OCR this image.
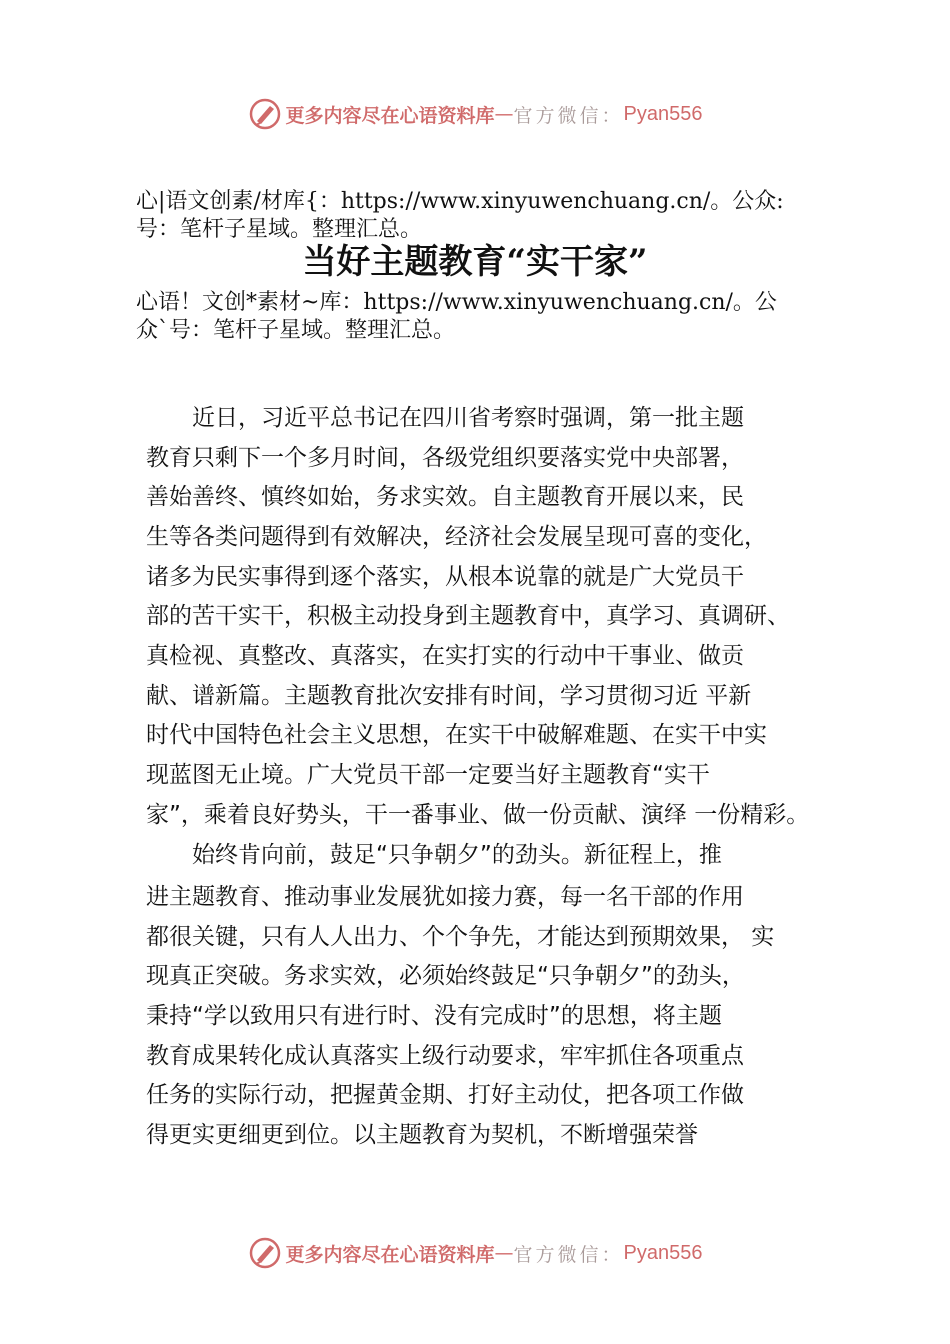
更多内容尽在心语资料库 — 官方微信： Pyan556
心|语文创素/材库{：https://www.xinyuwenchuang.cn/。公众:
号：笔杆子星域。整理汇总。
当好主题教育“实干家”
心语！文创*素材~库：https://www.xinyuwenchuang.cn/。公
众`号：笔杆子星域。整理汇总。
　　近日，习近平总书记在四川省考察时强调，第一批主题
教育只剩下一个多月时间，各级党组织要落实党中央部署，
善始善终、慎终如始，务求实效。自主题教育开展以来，民
生等各类问题得到有效解决，经济社会发展呈现可喜的变化，
诸多为民实事得到逐个落实，从根本说靠的就是广大党员干
部的苦干实干，积极主动投身到主题教育中，真学习、真调研、
真检视、真整改、真落实，在实打实的行动中干事业、做贡
献、谱新篇。主题教育批次安排有时间，学习贯彻习近 平新
时代中国特色社会主义思想，在实干中破解难题、在实干中实
现蓝图无止境。广大党员干部一定要当好主题教育“实干
家”，乘着良好势头，干一番事业、做一份贡献、演绎 一份精彩。
　　始终肯向前，鼓足“只争朝夕”的劲头。新征程上，推
进主题教育、推动事业发展犹如接力赛，每一名干部的作用
都很关键，只有人人出力、个个争先，才能达到预期效果， 实
现真正突破。务求实效，必须始终鼓足“只争朝夕”的劲头，
秉持“学以致用只有进行时、没有完成时”的思想，将主题
教育成果转化成认真落实上级行动要求，牢牢抓住各项重点
任务的实际行动，把握黄金期、打好主动仗，把各项工作做
得更实更细更到位。以主题教育为契机，不断增强荣誉
更多内容尽在心语资料库 — 官方微信： Pyan556
